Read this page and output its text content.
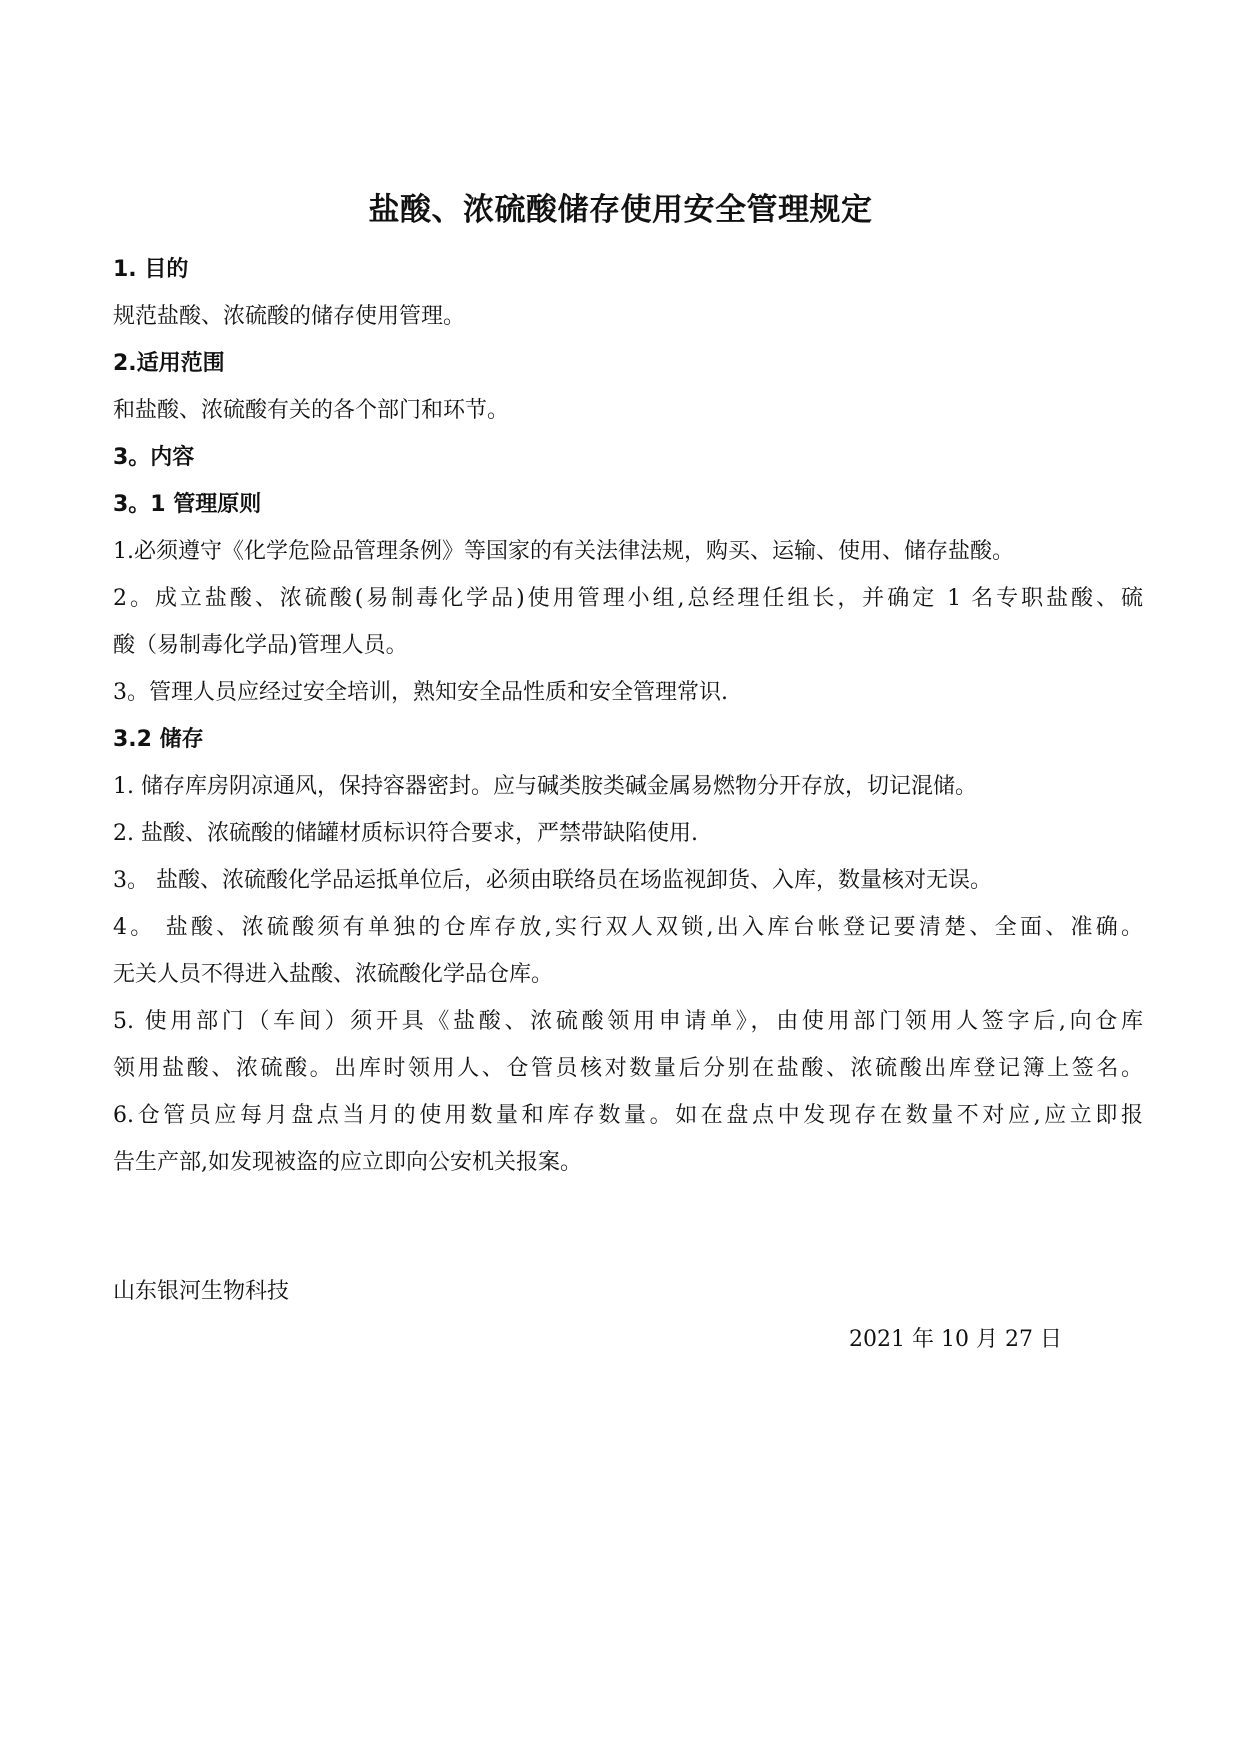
盐酸、浓硫酸储存使用安全管理规定

1. 目的

规范盐酸、浓硫酸的储存使用管理。

2.适用范围

和盐酸、浓硫酸有关的各个部门和环节。

3。内容

3。1 管理原则

1.必须遵守《化学危险品管理条例》等国家的有关法律法规，购买、运输、使用、储存盐酸。

2。成立盐酸、浓硫酸(易制毒化学品)使用管理小组,总经理任组长，并确定 1 名专职盐酸、硫

酸（易制毒化学品)管理人员。

3。管理人员应经过安全培训，熟知安全品性质和安全管理常识.

3.2 储存

1. 储存库房阴凉通风，保持容器密封。应与碱类胺类碱金属易燃物分开存放，切记混储。

2. 盐酸、浓硫酸的储罐材质标识符合要求，严禁带缺陷使用.

3。 盐酸、浓硫酸化学品运抵单位后，必须由联络员在场监视卸货、入库，数量核对无误。

4。 盐酸、浓硫酸须有单独的仓库存放,实行双人双锁,出入库台帐登记要清楚、全面、准确。

无关人员不得进入盐酸、浓硫酸化学品仓库。

5. 使用部门（车间）须开具《盐酸、浓硫酸领用申请单》，由使用部门领用人签字后,向仓库

领用盐酸、浓硫酸。出库时领用人、仓管员核对数量后分别在盐酸、浓硫酸出库登记簿上签名。

6.仓管员应每月盘点当月的使用数量和库存数量。如在盘点中发现存在数量不对应,应立即报

告生产部,如发现被盗的应立即向公安机关报案。

山东银河生物科技

2021 年 10 月 27 日
